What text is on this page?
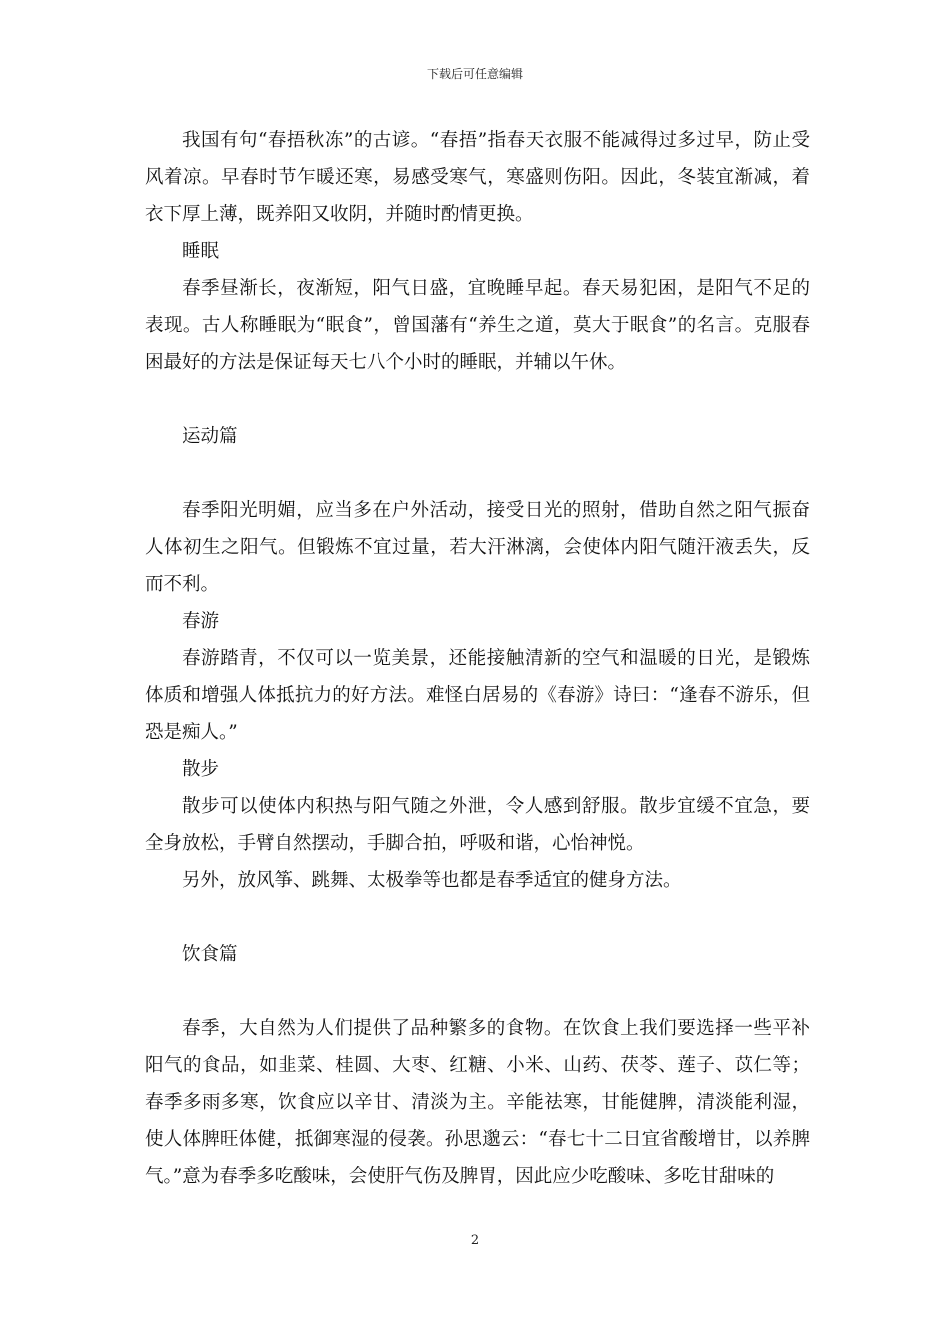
下载后可任意编辑

我国有句“春捂秋冻”的古谚。“春捂”指春天衣服不能减得过多过早，防止受风着凉。早春时节乍暖还寒，易感受寒气，寒盛则伤阳。因此，冬装宜渐减，着衣下厚上薄，既养阳又收阴，并随时酌情更换。

睡眠

春季昼渐长，夜渐短，阳气日盛，宜晚睡早起。春天易犯困，是阳气不足的表现。古人称睡眠为“眠食”，曾国藩有“养生之道，莫大于眠食”的名言。克服春困最好的方法是保证每天七八个小时的睡眠，并辅以午休。

运动篇

春季阳光明媚，应当多在户外活动，接受日光的照射，借助自然之阳气振奋人体初生之阳气。但锻炼不宜过量，若大汗淋漓，会使体内阳气随汗液丢失，反而不利。

春游

春游踏青，不仅可以一览美景，还能接触清新的空气和温暖的日光，是锻炼体质和增强人体抵抗力的好方法。难怪白居易的《春游》诗曰：“逢春不游乐，但恐是痴人。”

散步

散步可以使体内积热与阳气随之外泄，令人感到舒服。散步宜缓不宜急，要全身放松，手臂自然摆动，手脚合拍，呼吸和谐，心怡神悦。

另外，放风筝、跳舞、太极拳等也都是春季适宜的健身方法。

饮食篇

春季，大自然为人们提供了品种繁多的食物。在饮食上我们要选择一些平补阳气的食品，如韭菜、桂圆、大枣、红糖、小米、山药、茯苓、莲子、苡仁等；春季多雨多寒，饮食应以辛甘、清淡为主。辛能祛寒，甘能健脾，清淡能利湿，使人体脾旺体健，抵御寒湿的侵袭。孙思邈云：“春七十二日宜省酸增甘，以养脾气。”意为春季多吃酸味，会使肝气伤及脾胃，因此应少吃酸味、多吃甘甜味的

2
